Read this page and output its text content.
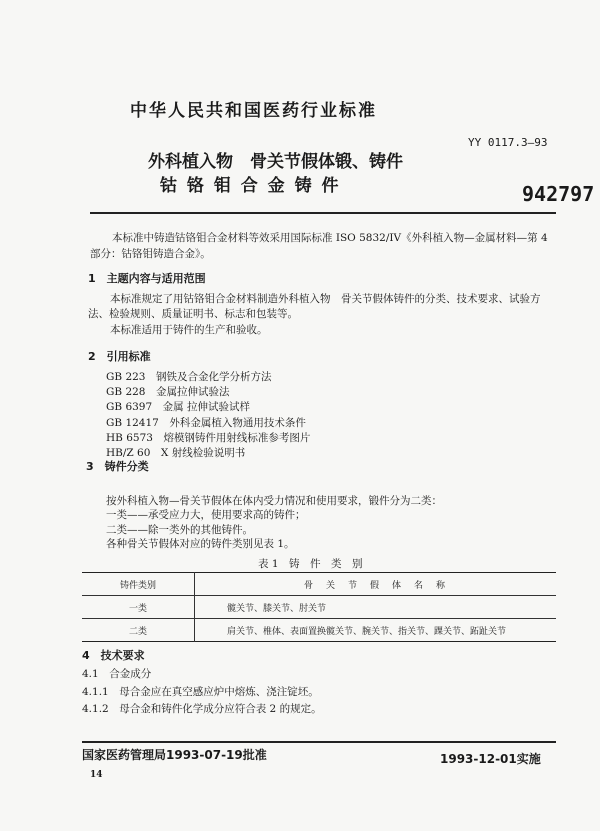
中华人民共和国医药行业标准
YY 0117.3—93
外科植入物　骨关节假体锻、铸件
钴 铬 钼 合 金 铸 件	942797
本标准中铸造钴铬钼合金材料等效采用国际标准 ISO 5832/IV《外科植入物—金属材料—第 4 部分：钴铬钼铸造合金》。
1　主题内容与适用范围
本标准规定了用钴铬钼合金材料制造外科植入物　骨关节假体铸件的分类、技术要求、试验方法、检验规则、质量证明书、标志和包装等。
本标准适用于铸件的生产和验收。
2　引用标准
GB 223　 钢铁及合金化学分析方法
GB 228　 金属拉伸试验法
GB 6397　 金属 拉伸试验试样
GB 12417　 外科金属植入物通用技术条件
HB 6573　 熔模钢铸件用射线标准参考图片
HB/Z 60　 X 射线检验说明书
3　铸件分类
按外科植入物—骨关节假体在体内受力情况和使用要求，锻件分为二类：
一类——承受应力大，使用要求高的铸件；
二类——除一类外的其他铸件。
各种骨关节假体对应的铸件类别见表 1。
表 1　铸　件　类　别
铸件类别	骨　关　节　假　体　名　称
一类	髋关节、膝关节、肘关节
二类	肩关节、椎体、表面置换髋关节、腕关节、指关节、踝关节、跖趾关节
4　技术要求
4.1　合金成分
4.1.1　母合金应在真空感应炉中熔炼、浇注锭坯。
4.1.2　母合金和铸件化学成分应符合表 2 的规定。
国家医药管理局1993-07-19批准	1993-12-01实施
14
